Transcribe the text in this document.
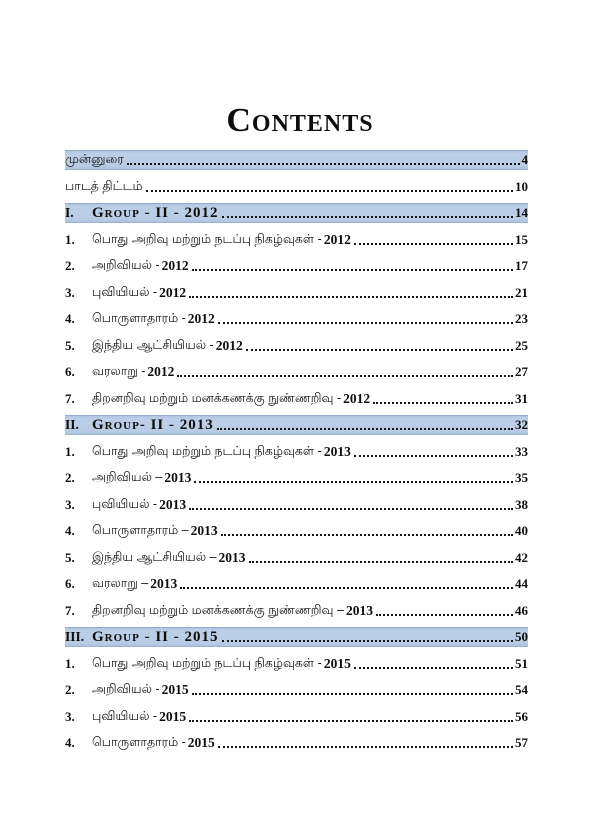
Contents
முன்னுரை	4
பாடத் திட்டம்	10
I.	Group - II - 2012	14
1.	பொது அறிவு மற்றும் நடப்பு நிகழ்வுகள் - 2012	15
2.	அறிவியல் - 2012	17
3.	புவியியல் - 2012	21
4.	பொருளாதாரம் - 2012	23
5.	இந்திய ஆட்சியியல் - 2012	25
6.	வரலாறு - 2012	27
7.	திறனறிவு மற்றும் மனக்கணக்கு நுண்ணறிவு - 2012	31
II. Group- II - 2013	32
1.	பொது அறிவு மற்றும் நடப்பு நிகழ்வுகள் - 2013	33
2.	அறிவியல் – 2013	35
3.	புவியியல் - 2013	38
4.	பொருளாதாரம் – 2013	40
5.	இந்திய ஆட்சியியல் – 2013	42
6.	வரலாறு – 2013	44
7.	திறனறிவு மற்றும் மனக்கணக்கு நுண்ணறிவு – 2013	46
III. Group - II - 2015	50
1.	பொது அறிவு மற்றும் நடப்பு நிகழ்வுகள் - 2015	51
2.	அறிவியல் - 2015	54
3.	புவியியல் - 2015	56
4.	பொருளாதாரம் - 2015	57
